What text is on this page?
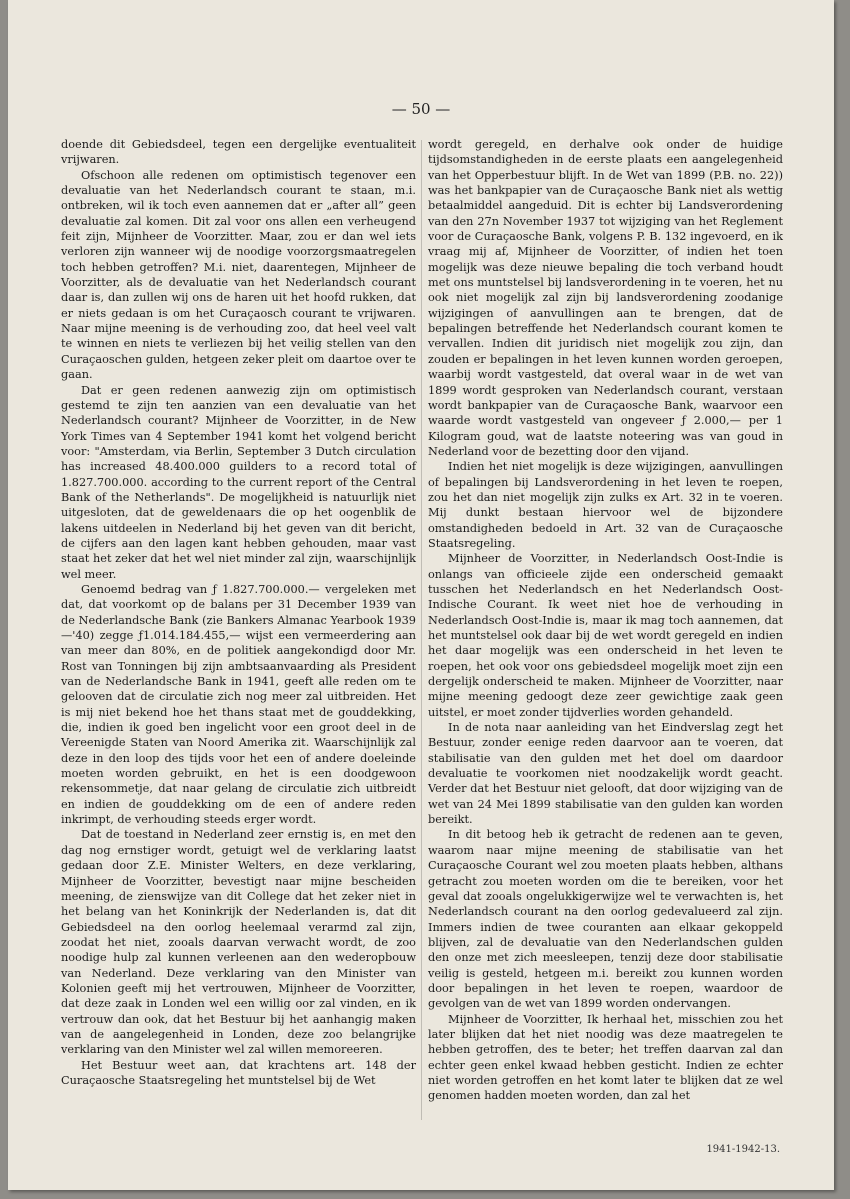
— 50 —

doende dit Gebiedsdeel, tegen een dergelijke eventualiteit vrijwaren.

Ofschoon alle redenen om optimistisch tegenover een devaluatie van het Nederlandsch courant te staan, m.i. ontbreken, wil ik toch even aannemen dat er „after all” geen devaluatie zal komen. Dit zal voor ons allen een verheugend feit zijn, Mijnheer de Voorzitter. Maar, zou er dan wel iets verloren zijn wanneer wij de noodige voorzorgsmaatregelen toch hebben getroffen? M.i. niet, daarentegen, Mijnheer de Voorzitter, als de devaluatie van het Nederlandsch courant daar is, dan zullen wij ons de haren uit het hoofd rukken, dat er niets gedaan is om het Curaçaosch courant te vrijwaren. Naar mijne meening is de verhouding zoo, dat heel veel valt te winnen en niets te verliezen bij het veilig stellen van den Curaçaoschen gulden, hetgeen zeker pleit om daartoe over te gaan.

Dat er geen redenen aanwezig zijn om optimistisch gestemd te zijn ten aanzien van een devaluatie van het Nederlandsch courant? Mijnheer de Voorzitter, in de New York Times van 4 September 1941 komt het volgend bericht voor: "Amsterdam, via Berlin, September 3 Dutch circulation has increased 48.400.000 guilders to a record total of 1.827.700.000. according to the current report of the Central Bank of the Netherlands". De mogelijkheid is natuurlijk niet uitgesloten, dat de geweldenaars die op het oogenblik de lakens uitdeelen in Nederland bij het geven van dit bericht, de cijfers aan den lagen kant hebben gehouden, maar vast staat het zeker dat het wel niet minder zal zijn, waarschijnlijk wel meer.

Genoemd bedrag van ƒ 1.827.700.000.— vergeleken met dat, dat voorkomt op de balans per 31 December 1939 van de Nederlandsche Bank (zie Bankers Almanac Yearbook 1939—'40) zegge ƒ1.014.184.455,— wijst een vermeerdering aan van meer dan 80%, en de politiek aangekondigd door Mr. Rost van Tonningen bij zijn ambtsaanvaarding als President van de Nederlandsche Bank in 1941, geeft alle reden om te gelooven dat de circulatie zich nog meer zal uitbreiden. Het is mij niet bekend hoe het thans staat met de gouddekking, die, indien ik goed ben ingelicht voor een groot deel in de Vereenigde Staten van Noord Amerika zit. Waarschijnlijk zal deze in den loop des tijds voor het een of andere doeleinde moeten worden gebruikt, en het is een doodgewoon rekensommetje, dat naar gelang de circulatie zich uitbreidt en indien de gouddekking om de een of andere reden inkrimpt, de verhouding steeds erger wordt.

Dat de toestand in Nederland zeer ernstig is, en met den dag nog ernstiger wordt, getuigt wel de verklaring laatst gedaan door Z.E. Minister Welters, en deze verklaring, Mijnheer de Voorzitter, bevestigt naar mijne bescheiden meening, de zienswijze van dit College dat het zeker niet in het belang van het Koninkrijk der Nederlanden is, dat dit Gebiedsdeel na den oorlog heelemaal verarmd zal zijn, zoodat het niet, zooals daarvan verwacht wordt, de zoo noodige hulp zal kunnen verleenen aan den wederopbouw van Nederland. Deze verklaring van den Minister van Kolonien geeft mij het vertrouwen, Mijnheer de Voorzitter, dat deze zaak in Londen wel een willig oor zal vinden, en ik vertrouw dan ook, dat het Bestuur bij het aanhangig maken van de aangelegenheid in Londen, deze zoo belangrijke verklaring van den Minister wel zal willen memoreeren.

Het Bestuur weet aan, dat krachtens art. 148 der Curaçaosche Staatsregeling het muntstelsel bij de Wet

wordt geregeld, en derhalve ook onder de huidige tijdsomstandigheden in de eerste plaats een aangelegenheid van het Opperbestuur blijft. In de Wet van 1899 (P.B. no. 22)) was het bankpapier van de Curaçaosche Bank niet als wettig betaalmiddel aangeduid. Dit is echter bij Landsverordening van den 27n November 1937 tot wijziging van het Reglement voor de Curaçaosche Bank, volgens P. B. 132 ingevoerd, en ik vraag mij af, Mijnheer de Voorzitter, of indien het toen mogelijk was deze nieuwe bepaling die toch verband houdt met ons muntstelsel bij landsverordening in te voeren, het nu ook niet mogelijk zal zijn bij landsverordening zoodanige wijzigingen of aanvullingen aan te brengen, dat de bepalingen betreffende het Nederlandsch courant komen te vervallen. Indien dit juridisch niet mogelijk zou zijn, dan zouden er bepalingen in het leven kunnen worden geroepen, waarbij wordt vastgesteld, dat overal waar in de wet van 1899 wordt gesproken van Nederlandsch courant, verstaan wordt bankpapier van de Curaçaosche Bank, waarvoor een waarde wordt vastgesteld van ongeveer ƒ 2.000,— per 1 Kilogram goud, wat de laatste noteering was van goud in Nederland voor de bezetting door den vijand.

Indien het niet mogelijk is deze wijzigingen, aanvullingen of bepalingen bij Landsverordening in het leven te roepen, zou het dan niet mogelijk zijn zulks ex Art. 32 in te voeren. Mij dunkt bestaan hiervoor wel de bijzondere omstandigheden bedoeld in Art. 32 van de Curaçaosche Staatsregeling.

Mijnheer de Voorzitter, in Nederlandsch Oost-Indie is onlangs van officieele zijde een onderscheid gemaakt tusschen het Nederlandsch en het Nederlandsch Oost-Indische Courant. Ik weet niet hoe de verhouding in Nederlandsch Oost-Indie is, maar ik mag toch aannemen, dat het muntstelsel ook daar bij de wet wordt geregeld en indien het daar mogelijk was een onderscheid in het leven te roepen, het ook voor ons gebiedsdeel mogelijk moet zijn een dergelijk onderscheid te maken. Mijnheer de Voorzitter, naar mijne meening gedoogt deze zeer gewichtige zaak geen uitstel, er moet zonder tijdverlies worden gehandeld.

In de nota naar aanleiding van het Eindverslag zegt het Bestuur, zonder eenige reden daarvoor aan te voeren, dat stabilisatie van den gulden met het doel om daardoor devaluatie te voorkomen niet noodzakelijk wordt geacht. Verder dat het Bestuur niet gelooft, dat door wijziging van de wet van 24 Mei 1899 stabilisatie van den gulden kan worden bereikt.

In dit betoog heb ik getracht de redenen aan te geven, waarom naar mijne meening de stabilisatie van het Curaçaosche Courant wel zou moeten plaats hebben, althans getracht zou moeten worden om die te bereiken, voor het geval dat zooals ongelukkigerwijze wel te verwachten is, het Nederlandsch courant na den oorlog gedevalueerd zal zijn. Immers indien de twee couranten aan elkaar gekoppeld blijven, zal de devaluatie van den Nederlandschen gulden den onze met zich meesleepen, tenzij deze door stabilisatie veilig is gesteld, hetgeen m.i. bereikt zou kunnen worden door bepalingen in het leven te roepen, waardoor de gevolgen van de wet van 1899 worden ondervangen.

Mijnheer de Voorzitter, Ik herhaal het, misschien zou het later blijken dat het niet noodig was deze maatregelen te hebben getroffen, des te beter; het treffen daarvan zal dan echter geen enkel kwaad hebben gesticht. Indien ze echter niet worden getroffen en het komt later te blijken dat ze wel genomen hadden moeten worden, dan zal het

1941-1942-13.
